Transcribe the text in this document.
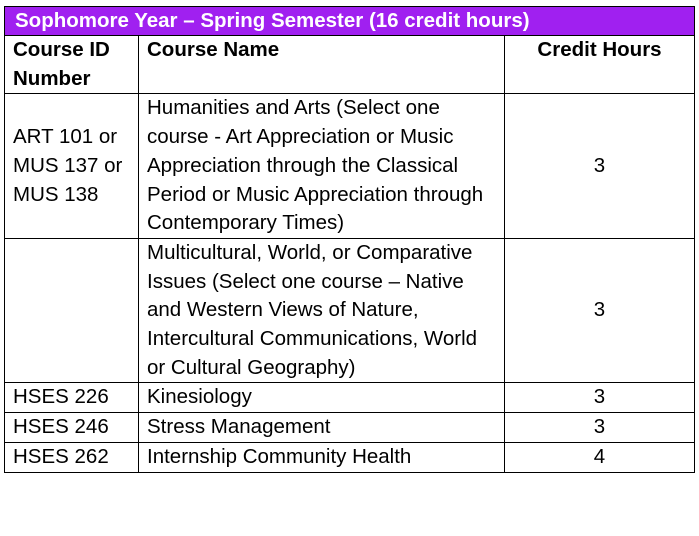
Sophomore Year – Spring Semester (16 credit hours)		
Course ID Number	Course Name	Credit Hours
ART 101 or MUS 137 or MUS 138	Humanities and Arts (Select one course - Art Appreciation or Music Appreciation through the Classical Period or Music Appreciation through Contemporary Times)	3
	Multicultural, World, or Comparative Issues (Select one course – Native and Western Views of Nature, Intercultural Communications, World or Cultural Geography)	3
HSES 226	Kinesiology	3
HSES 246	Stress Management	3
HSES 262	Internship Community Health	4
